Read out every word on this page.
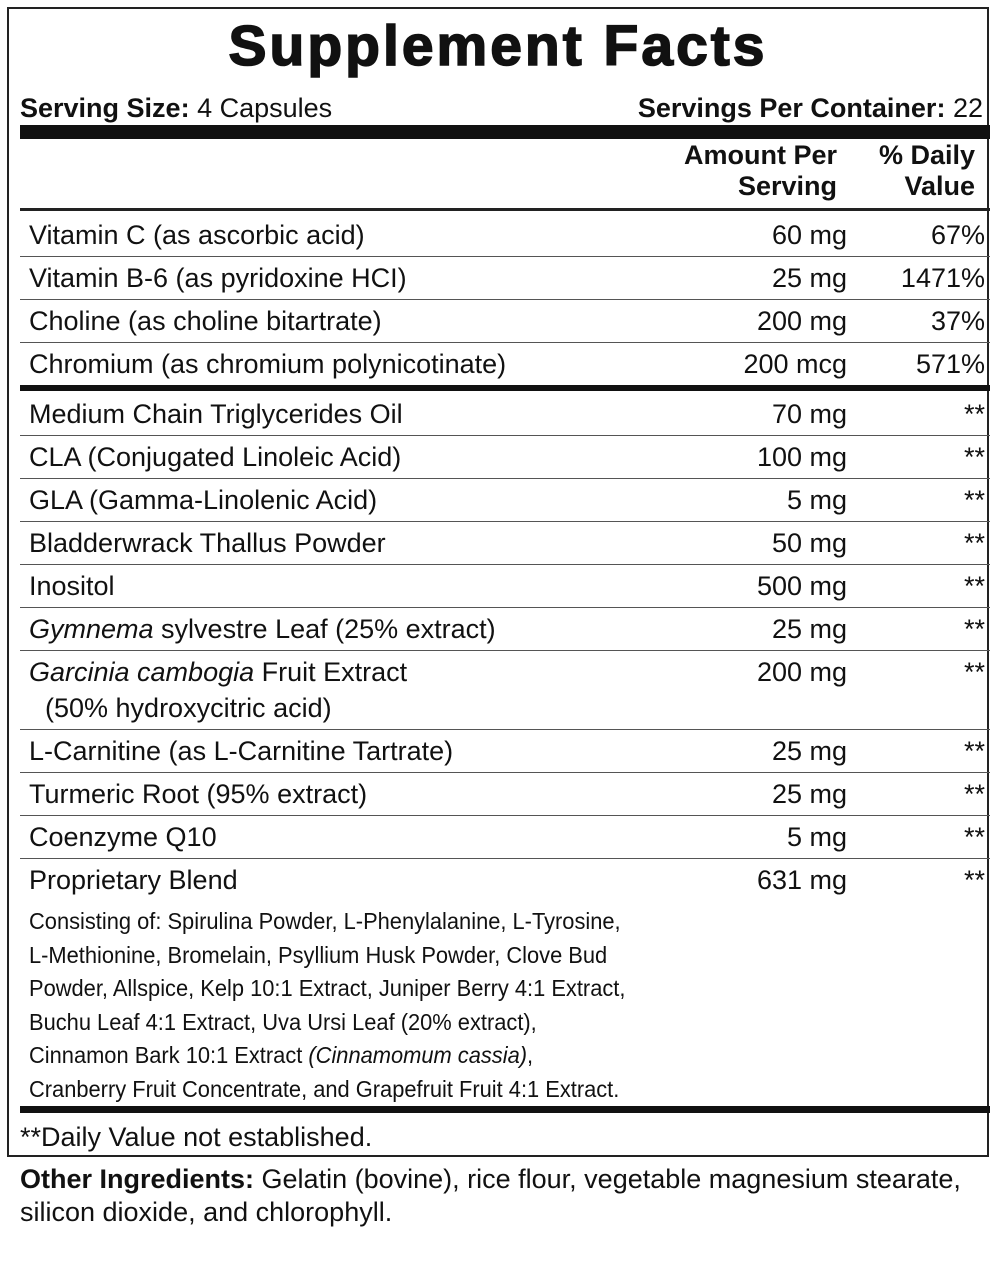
Supplement Facts
Serving Size: 4 Capsules	Servings Per Container: 22
Amount Per
Serving
% Daily
Value
Vitamin C (as ascorbic acid)	60 mg	67%
Vitamin B-6 (as pyridoxine HCI)	25 mg 1471%
Choline (as choline bitartrate)	200 mg	37%
Chromium (as chromium polynicotinate)	200 mcg	571%
Medium Chain Triglycerides Oil	70 mg	**
CLA (Conjugated Linoleic Acid)	100 mg	**
GLA (Gamma-Linolenic Acid)	5 mg	**
Bladderwrack Thallus Powder	50 mg	**
Inositol	500 mg	**
Gymnema sylvestre Leaf (25% extract)	25 mg	**
Garcinia cambogia Fruit Extract
(50% hydroxycitric acid)
200 mg	**
L-Carnitine (as L-Carnitine Tartrate)	25 mg	**
Turmeric Root (95% extract)	25 mg	**
Coenzyme Q10	5 mg	**
Proprietary Blend	631 mg	**
Consisting of: Spirulina Powder, L-Phenylalanine, L-Tyrosine,
L-Methionine, Bromelain, Psyllium Husk Powder, Clove Bud
Powder, Allspice, Kelp 10:1 Extract, Juniper Berry 4:1 Extract,
Buchu Leaf 4:1 Extract, Uva Ursi Leaf (20% extract),
Cinnamon Bark 10:1 Extract (Cinnamomum cassia),
Cranberry Fruit Concentrate, and Grapefruit Fruit 4:1 Extract.
**Daily Value not established.
Other Ingredients: Gelatin (bovine), rice flour, vegetable magnesium stearate, silicon dioxide, and chlorophyll.
